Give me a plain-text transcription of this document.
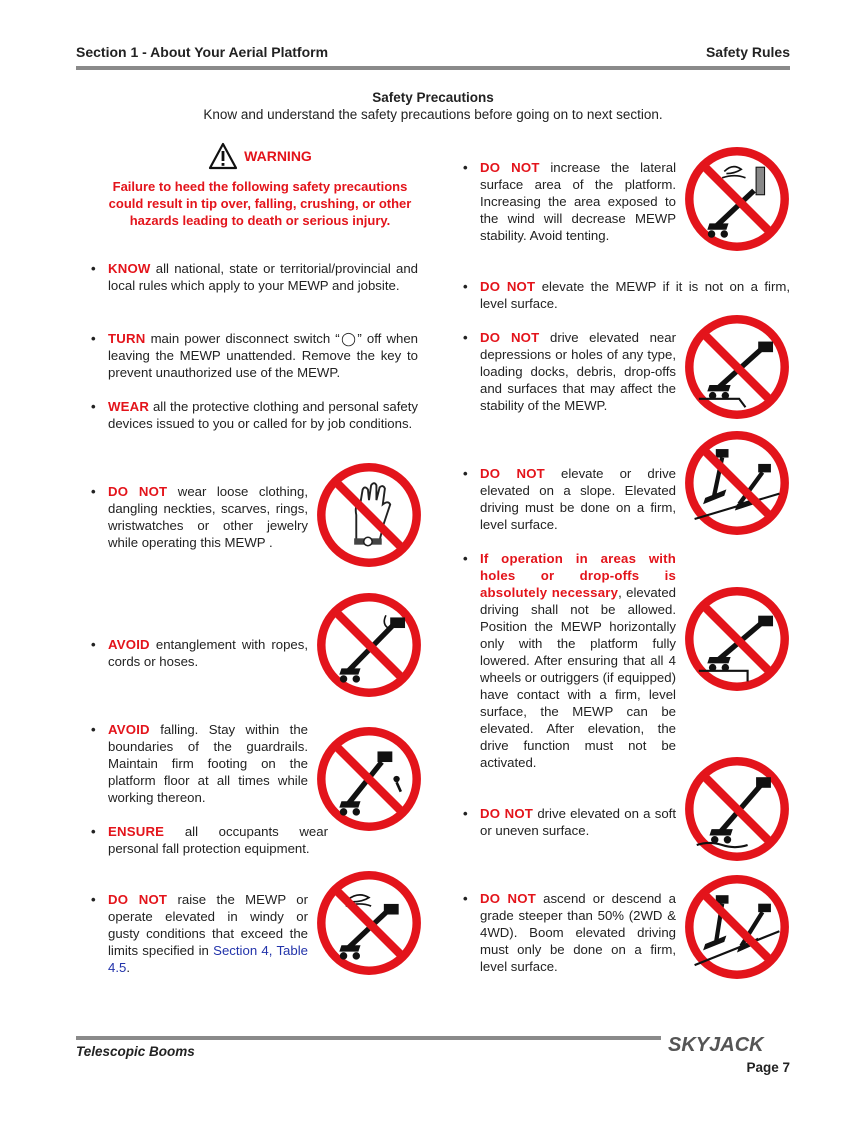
Section 1 - About Your Aerial Platform	Safety Rules
Safety Precautions
Know and understand the safety precautions before going on to next section.
WARNING
Failure to heed the following safety precautions could result in tip over, falling, crushing, or other hazards leading to death or serious injury.
• KNOW all national, state or territorial/provincial and local rules which apply to your MEWP and jobsite.
• TURN main power disconnect switch “◯” off when leaving the MEWP unattended. Remove the key to prevent unauthorized use of the MEWP.
• WEAR all the protective clothing and personal safety devices issued to you or called for by job conditions.
• DO NOT wear loose clothing, dangling neckties, scarves, rings, wristwatches or other jewelry while operating this MEWP .
• AVOID entanglement with ropes, cords or hoses.
• AVOID falling. Stay within the boundaries of the guardrails. Maintain firm footing on the platform floor at all times while working thereon.
• ENSURE all occupants wear personal fall protection equipment.
• DO NOT raise the MEWP or operate elevated in windy or gusty conditions that exceed the limits specified in Section 4, Table 4.5.
• DO NOT increase the lateral surface area of the platform. Increasing the area exposed to the wind will decrease MEWP stability. Avoid tenting.
• DO NOT elevate the MEWP if it is not on a firm, level surface.
• DO NOT drive elevated near depressions or holes of any type, loading docks, debris, drop-offs and surfaces that may affect the stability of the MEWP.
• DO NOT elevate or drive elevated on a slope. Elevated driving must be done on a firm, level surface.
• If operation in areas with holes or drop-offs is absolutely necessary, elevated driving shall not be allowed. Position the MEWP horizontally only with the platform fully lowered. After ensuring that all 4 wheels or outriggers (if equipped) have contact with a firm, level surface, the MEWP can be elevated. After elevation, the drive function must not be activated.
• DO NOT drive elevated on a soft or uneven surface.
• DO NOT ascend or descend a grade steeper than 50% (2WD & 4WD). Boom elevated driving must only be done on a firm, level surface.
SKYJACK
Telescopic Booms
Page 7
